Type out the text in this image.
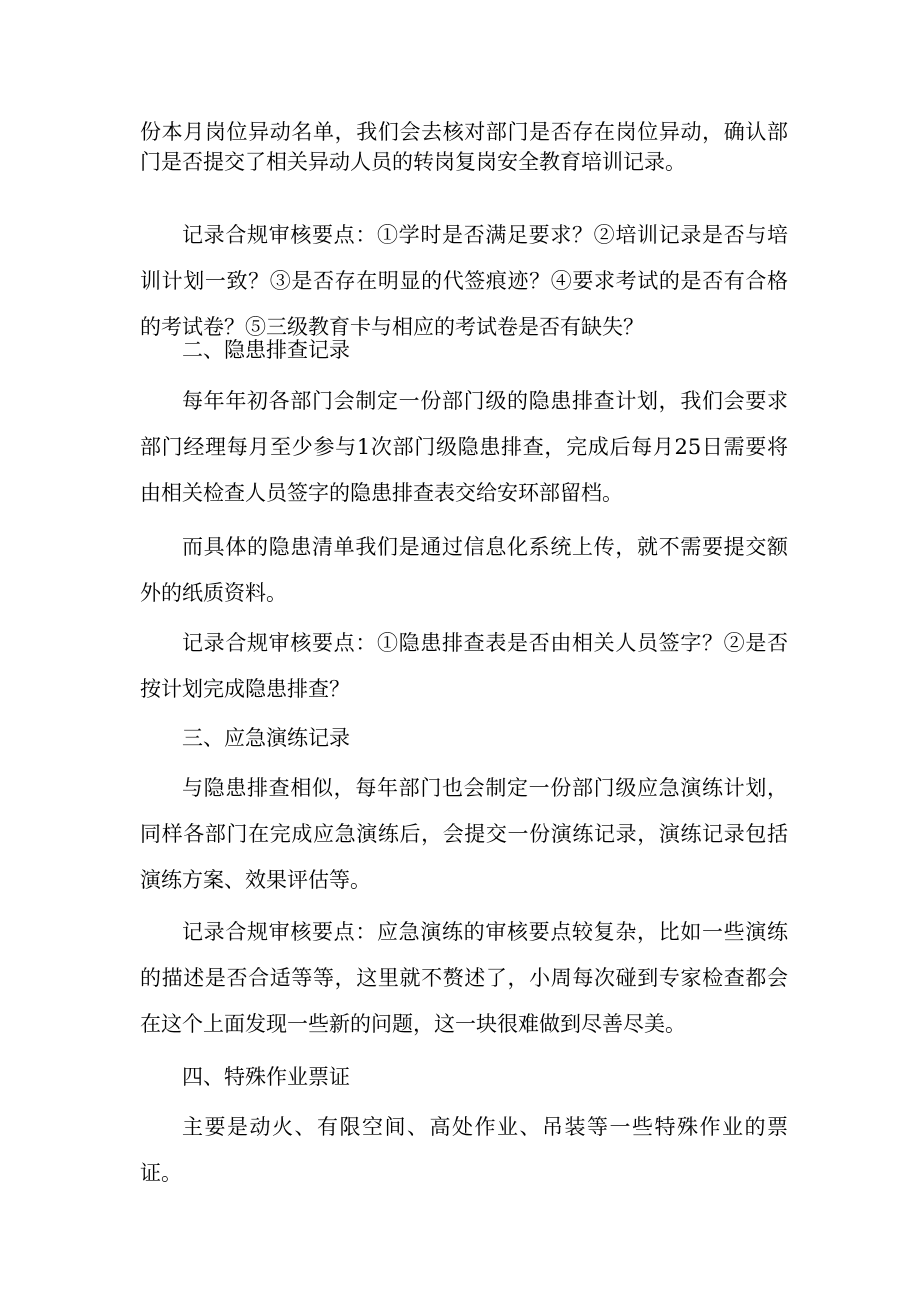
份本月岗位异动名单，我们会去核对部门是否存在岗位异动，确认部门是否提交了相关异动人员的转岗复岗安全教育培训记录。

记录合规审核要点：①学时是否满足要求？②培训记录是否与培训计划一致？③是否存在明显的代签痕迹？④要求考试的是否有合格的考试卷？⑤三级教育卡与相应的考试卷是否有缺失？

二、隐患排查记录

每年年初各部门会制定一份部门级的隐患排查计划，我们会要求部门经理每月至少参与1次部门级隐患排查，完成后每月25日需要将由相关检查人员签字的隐患排查表交给安环部留档。

而具体的隐患清单我们是通过信息化系统上传，就不需要提交额外的纸质资料。

记录合规审核要点：①隐患排查表是否由相关人员签字？②是否按计划完成隐患排查？

三、应急演练记录

与隐患排查相似，每年部门也会制定一份部门级应急演练计划，同样各部门在完成应急演练后，会提交一份演练记录，演练记录包括演练方案、效果评估等。

记录合规审核要点：应急演练的审核要点较复杂，比如一些演练的描述是否合适等等，这里就不赘述了，小周每次碰到专家检查都会在这个上面发现一些新的问题，这一块很难做到尽善尽美。

四、特殊作业票证

主要是动火、有限空间、高处作业、吊装等一些特殊作业的票证。
